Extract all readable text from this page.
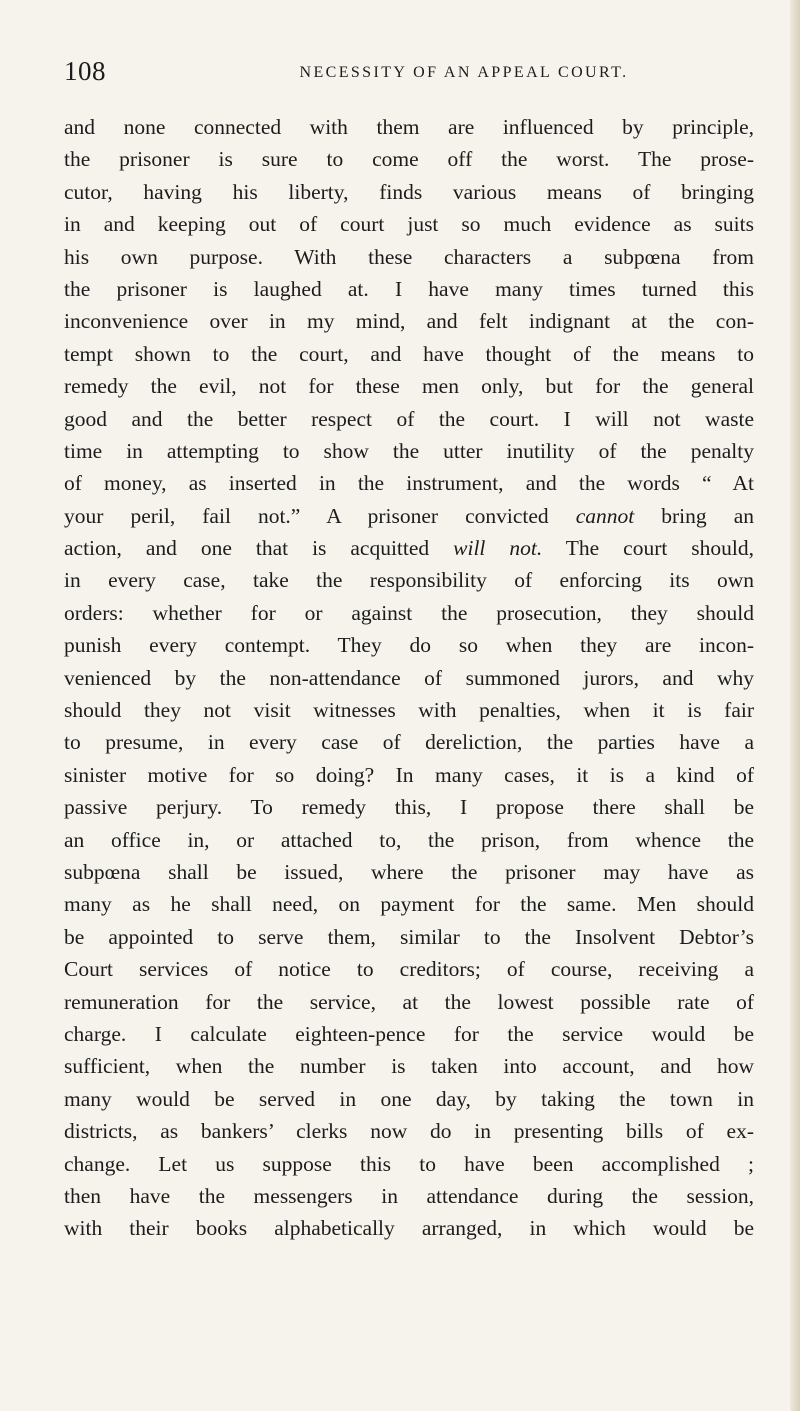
108	NECESSITY OF AN APPEAL COURT.
and none connected with them are influenced by principle,
the prisoner is sure to come off the worst. The prose-
cutor, having his liberty, finds various means of bringing
in and keeping out of court just so much evidence as suits
his own purpose. With these characters a subpœna from
the prisoner is laughed at. I have many times turned this
inconvenience over in my mind, and felt indignant at the con-
tempt shown to the court, and have thought of the means to
remedy the evil, not for these men only, but for the general
good and the better respect of the court. I will not waste
time in attempting to show the utter inutility of the penalty
of money, as inserted in the instrument, and the words “ At
your peril, fail not.” A prisoner convicted cannot bring an
action, and one that is acquitted will not. The court should,
in every case, take the responsibility of enforcing its own
orders: whether for or against the prosecution, they should
punish every contempt. They do so when they are incon-
venienced by the non-attendance of summoned jurors, and why
should they not visit witnesses with penalties, when it is fair
to presume, in every case of dereliction, the parties have a
sinister motive for so doing? In many cases, it is a kind of
passive perjury. To remedy this, I propose there shall be
an office in, or attached to, the prison, from whence the
subpœna shall be issued, where the prisoner may have as
many as he shall need, on payment for the same. Men should
be appointed to serve them, similar to the Insolvent Debtor’s
Court services of notice to creditors; of course, receiving a
remuneration for the service, at the lowest possible rate of
charge. I calculate eighteen-pence for the service would be
sufficient, when the number is taken into account, and how
many would be served in one day, by taking the town in
districts, as bankers’ clerks now do in presenting bills of ex-
change. Let us suppose this to have been accomplished ;
then have the messengers in attendance during the session,
with their books alphabetically arranged, in which would be
